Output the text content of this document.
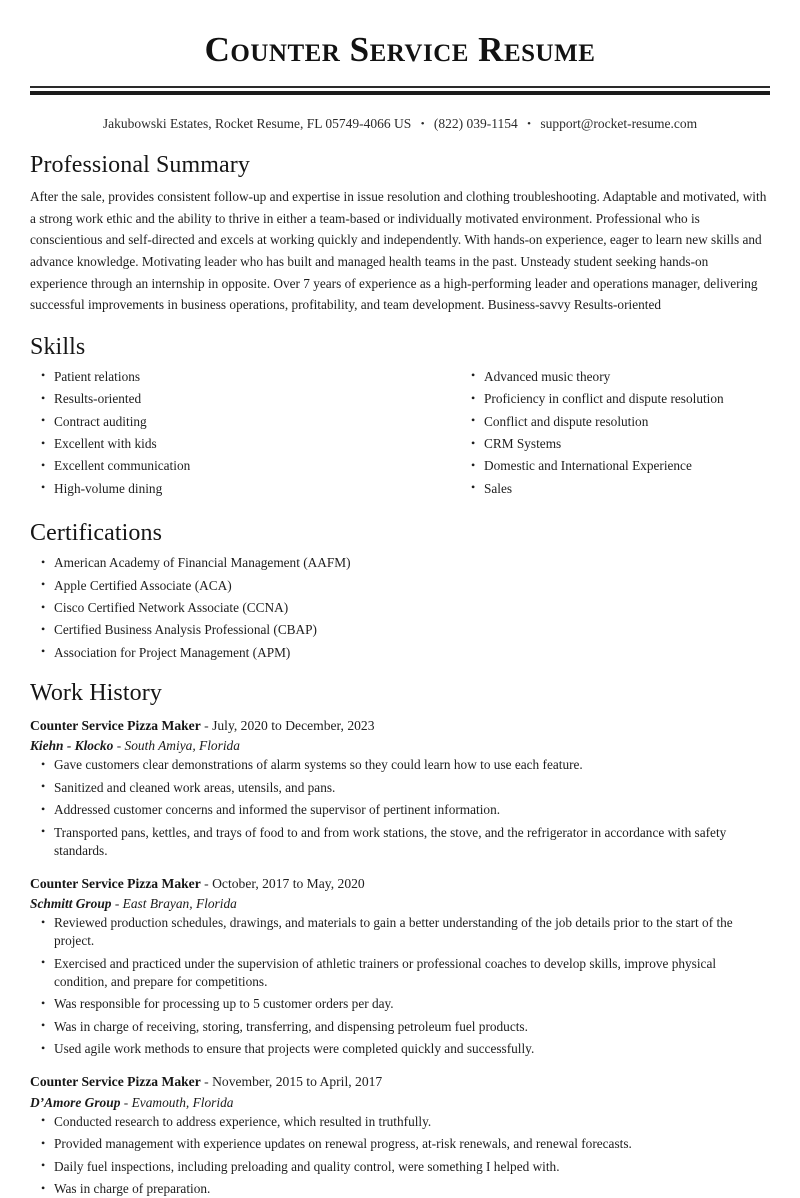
Counter Service Resume
Jakubowski Estates, Rocket Resume, FL 05749-4066 US • (822) 039-1154 • support@rocket-resume.com
Professional Summary

After the sale, provides consistent follow-up and expertise in issue resolution and clothing troubleshooting. Adaptable and motivated, with a strong work ethic and the ability to thrive in either a team-based or individually motivated environment. Professional who is conscientious and self-directed and excels at working quickly and independently. With hands-on experience, eager to learn new skills and advance knowledge. Motivating leader who has built and managed health teams in the past. Unsteady student seeking hands-on experience through an internship in opposite. Over 7 years of experience as a high-performing leader and operations manager, delivering successful improvements in business operations, profitability, and team development. Business-savvy Results-oriented

Skills
• Patient relations
• Results-oriented
• Contract auditing
• Excellent with kids
• Excellent communication
• High-volume dining
• Advanced music theory
• Proficiency in conflict and dispute resolution
• Conflict and dispute resolution
• CRM Systems
• Domestic and International Experience
• Sales
Certifications
• American Academy of Financial Management (AAFM)
• Apple Certified Associate (ACA)
• Cisco Certified Network Associate (CCNA)
• Certified Business Analysis Professional (CBAP)
• Association for Project Management (APM)
Work History
Counter Service Pizza Maker - July, 2020 to December, 2023
Kiehn - Klocko - South Amiya, Florida
• Gave customers clear demonstrations of alarm systems so they could learn how to use each feature.
• Sanitized and cleaned work areas, utensils, and pans.
• Addressed customer concerns and informed the supervisor of pertinent information.
• Transported pans, kettles, and trays of food to and from work stations, the stove, and the refrigerator in accordance with safety standards.
Counter Service Pizza Maker - October, 2017 to May, 2020
Schmitt Group - East Brayan, Florida
• Reviewed production schedules, drawings, and materials to gain a better understanding of the job details prior to the start of the project.
• Exercised and practiced under the supervision of athletic trainers or professional coaches to develop skills, improve physical condition, and prepare for competitions.
• Was responsible for processing up to 5 customer orders per day.
• Was in charge of receiving, storing, transferring, and dispensing petroleum fuel products.
• Used agile work methods to ensure that projects were completed quickly and successfully.
Counter Service Pizza Maker - November, 2015 to April, 2017
D’Amore Group - Evamouth, Florida
• Conducted research to address experience, which resulted in truthfully.
• Provided management with experience updates on renewal progress, at-risk renewals, and renewal forecasts.
• Daily fuel inspections, including preloading and quality control, were something I helped with.
• Was in charge of preparation.
